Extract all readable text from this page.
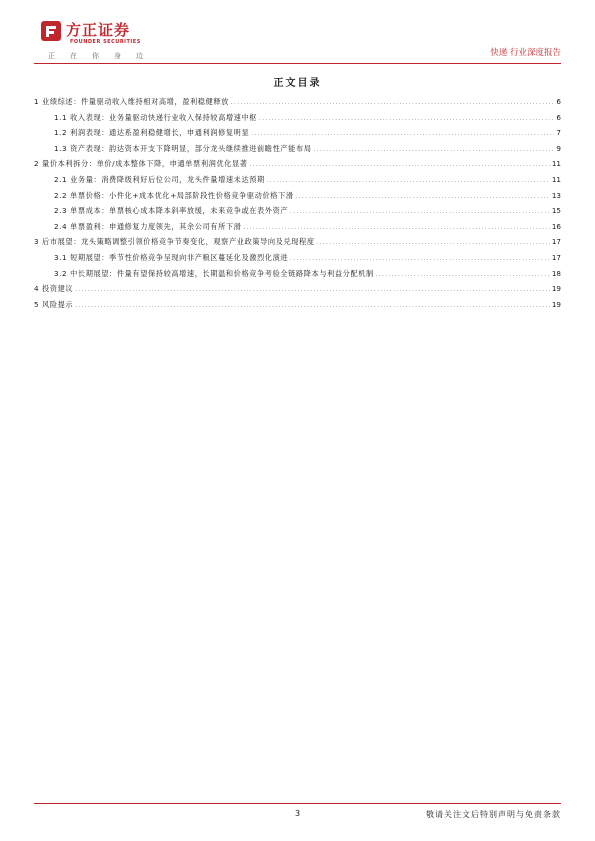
方正证券
FOUNDER SECURITIES
正在你身边	快递 行业深度报告
正文目录
1 业绩综述：件量驱动收入维持相对高增，盈利稳健释放 . . .	6
1.1 收入表现：业务量驱动快递行业收入保持较高增速中枢 . . .	6
1.2 利润表现：通达系盈利稳健增长，申通利润修复明显 . . .	7
1.3 资产表现：韵达资本开支下降明显，部分龙头继续推进前瞻性产能布局 . . .	9
2 量价本利拆分：单价/成本整体下降，申通单票利润优化显著 . . .	11
2.1 业务量：消费降级利好后位公司，龙头件量增速未达预期 . . .	11
2.2 单票价格：小件化+成本优化+局部阶段性价格竞争驱动价格下滑 . . .	13
2.3 单票成本：单票核心成本降本斜率放缓，未来竞争或在表外资产 . . .	15
2.4 单票盈利：申通修复力度领先，其余公司有所下滑 . . .	16
3 后市展望：龙头策略调整引领价格竞争节奏变化，观察产业政策导向及兑现程度 . . .	17
3.1 短期展望：季节性价格竞争呈现向非产粮区蔓延化及激烈化演进 . . .	17
3.2 中长期展望：件量有望保持较高增速，长期温和价格竞争考验全链路降本与利益分配机制 . . .	18
4 投资建议 . . .	19
5 风险提示 . . .	19
3	敬请关注文后特别声明与免责条款
